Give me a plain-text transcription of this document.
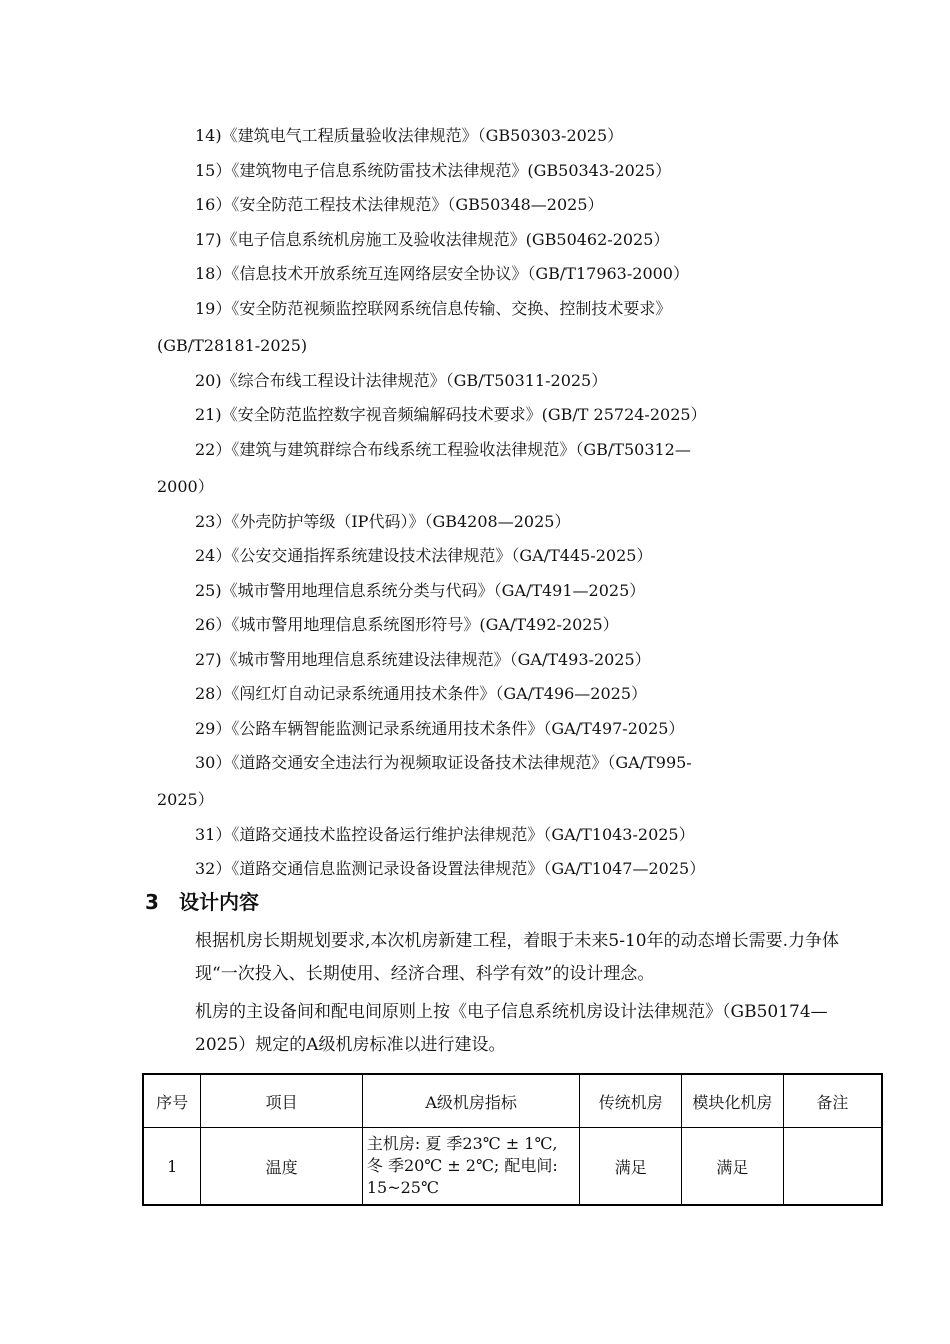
14)《建筑电气工程质量验收法律规范》（GB50303-2025）
15）《建筑物电子信息系统防雷技术法律规范》(GB50343-2025）
16）《安全防范工程技术法律规范》（GB50348—2025）
17)《电子信息系统机房施工及验收法律规范》(GB50462-2025）
18）《信息技术开放系统互连网络层安全协议》（GB/T17963-2000）
19）《安全防范视频监控联网系统信息传输、交换、控制技术要求》
(GB/T28181-2025)
20)《综合布线工程设计法律规范》（GB/T50311-2025）
21)《安全防范监控数字视音频编解码技术要求》(GB/T 25724-2025）
22）《建筑与建筑群综合布线系统工程验收法律规范》（GB/T50312—
2000）
23）《外壳防护等级（IP代码）》（GB4208—2025）
24）《公安交通指挥系统建设技术法律规范》（GA/T445-2025）
25)《城市警用地理信息系统分类与代码》（GA/T491—2025）
26）《城市警用地理信息系统图形符号》(GA/T492-2025）
27)《城市警用地理信息系统建设法律规范》（GA/T493-2025）
28）《闯红灯自动记录系统通用技术条件》（GA/T496—2025）
29）《公路车辆智能监测记录系统通用技术条件》（GA/T497-2025）
30）《道路交通安全违法行为视频取证设备技术法律规范》（GA/T995-
2025）
31）《道路交通技术监控设备运行维护法律规范》（GA/T1043-2025）
32）《道路交通信息监测记录设备设置法律规范》（GA/T1047—2025）
3 设计内容
根据机房长期规划要求,本次机房新建工程，着眼于未来5-10年的动态增长需要.力争体现“一次投入、长期使用、经济合理、科学有效”的设计理念。
机房的主设备间和配电间原则上按《电子信息系统机房设计法律规范》（GB50174—2025）规定的A级机房标准以进行建设。
序号	项目	A级机房指标	传统机房	模块化机房	备注
1	温度	主机房: 夏 季23℃ ± 1℃, 冬 季20℃ ± 2℃; 配电间: 15~25℃	满足	满足	
